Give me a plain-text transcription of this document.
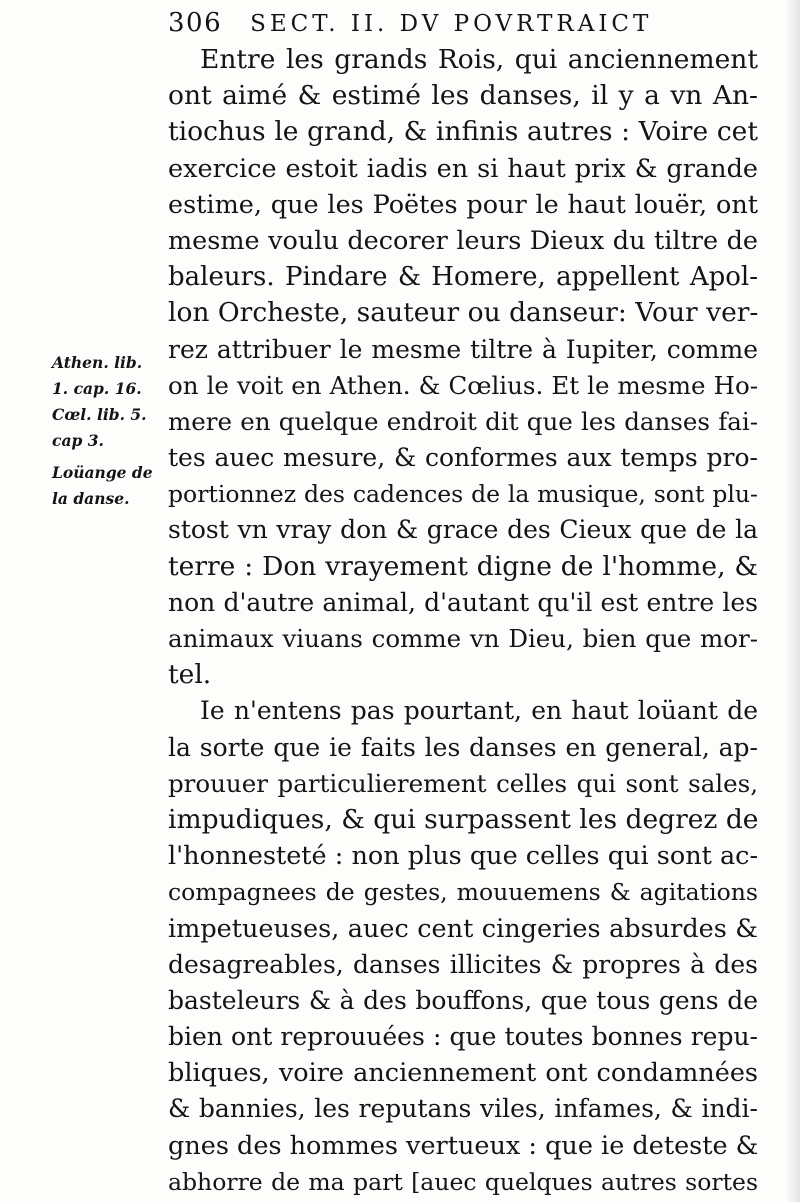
306 SECT. II. DV POVRTRAICT
Athen. lib.
1. cap. 16.
Cœl. lib. 5.
cap 3.
Loüange de
la danse.
Entre les grands Rois, qui anciennement
ont aimé & estimé les danses, il y a vn An-
tiochus le grand, & infinis autres : Voire cet
exercice estoit iadis en si haut prix & grande
estime, que les Poëtes pour le haut louër, ont
mesme voulu decorer leurs Dieux du tiltre de
baleurs. Pindare & Homere, appellent Apol-
lon Orcheste, sauteur ou danseur: Vour ver-
rez attribuer le mesme tiltre à Iupiter, comme
on le voit en Athen. & Cœlius. Et le mesme Ho-
mere en quelque endroit dit que les danses fai-
tes auec mesure, & conformes aux temps pro-
portionnez des cadences de la musique, sont plu-
stost vn vray don & grace des Cieux que de la
terre : Don vrayement digne de l'homme, &
non d'autre animal, d'autant qu'il est entre les
animaux viuans comme vn Dieu, bien que mor-
tel.
Ie n'entens pas pourtant, en haut loüant de
la sorte que ie faits les danses en general, ap-
prouuer particulierement celles qui sont sales,
impudiques, & qui surpassent les degrez de
l'honnesteté : non plus que celles qui sont ac-
compagnees de gestes, mouuemens & agitations
impetueuses, auec cent cingeries absurdes &
desagreables, danses illicites & propres à des
basteleurs & à des bouffons, que tous gens de
bien ont reprouuées : que toutes bonnes repu-
bliques, voire anciennement ont condamnées
& bannies, les reputans viles, infames, & indi-
gnes des hommes vertueux : que ie deteste &
abhorre de ma part [auec quelques autres sortes
